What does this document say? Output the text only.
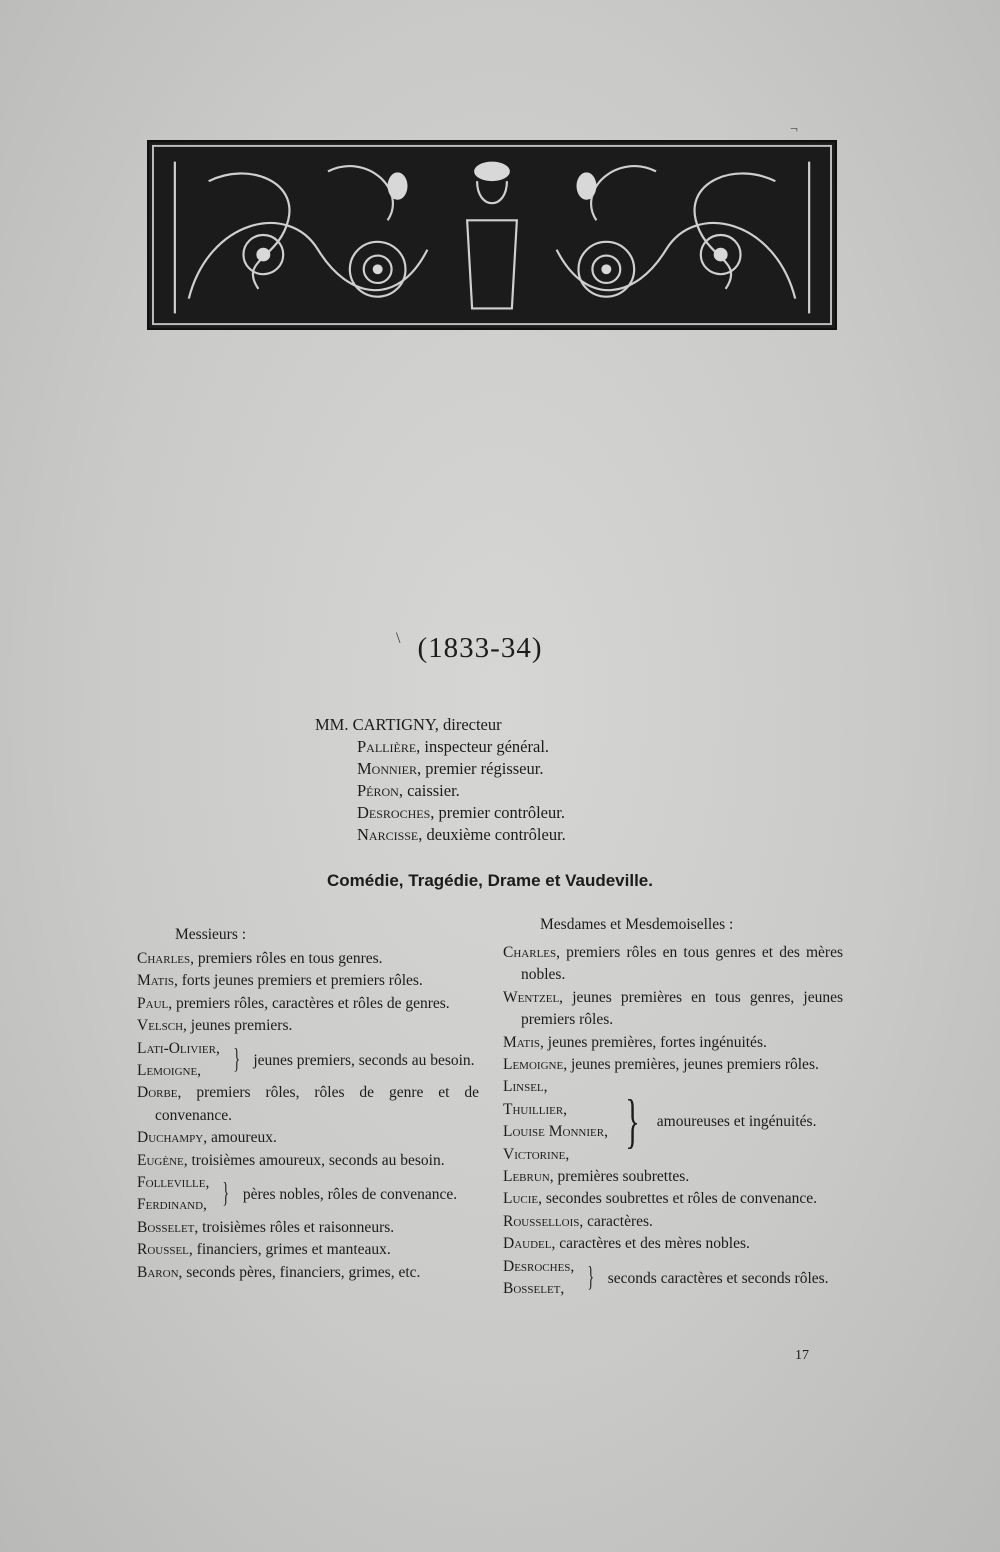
¬
\ (1833-34)
MM. CARTIGNY, directeur
Pallière, inspecteur général.
Monnier, premier régisseur.
Péron, caissier.
Desroches, premier contrôleur.
Narcisse, deuxième contrôleur.
Comédie, Tragédie, Drame et Vaudeville.
Messieurs :
Mesdames et Mesdemoiselles :

Charles, premiers rôles en tous genres.

Matis, forts jeunes premiers et premiers rôles.

Paul, premiers rôles, caractères et rôles de genres.

Velsch, jeunes premiers.

Lati-Olivier,
Lemoigne,	} jeunes premiers, seconds au besoin.

Dorbe, premiers rôles, rôles de genre et de convenance.

Duchampy, amoureux.

Eugène, troisièmes amoureux, seconds au besoin.

Folleville,
Ferdinand, } pères nobles, rôles de convenance.

Bosselet, troisièmes rôles et raisonneurs.

Roussel, financiers, grimes et manteaux.

Baron, seconds pères, financiers, grimes, etc.

Charles, premiers rôles en tous genres et des mères nobles.

Wentzel, jeunes premières en tous genres, jeunes premiers rôles.

Matis, jeunes premières, fortes ingénuités.

Lemoigne, jeunes premières, jeunes premiers rôles.

Linsel,
Thuillier,
Louise Monnier,
Victorine, }	amoureuses et ingénuités.

Lebrun, premières soubrettes.

Lucie, secondes soubrettes et rôles de convenance.

Roussellois, caractères.

Daudel, caractères et des mères nobles.

Desroches,
Bosselet, } seconds caractères et seconds rôles.
17
